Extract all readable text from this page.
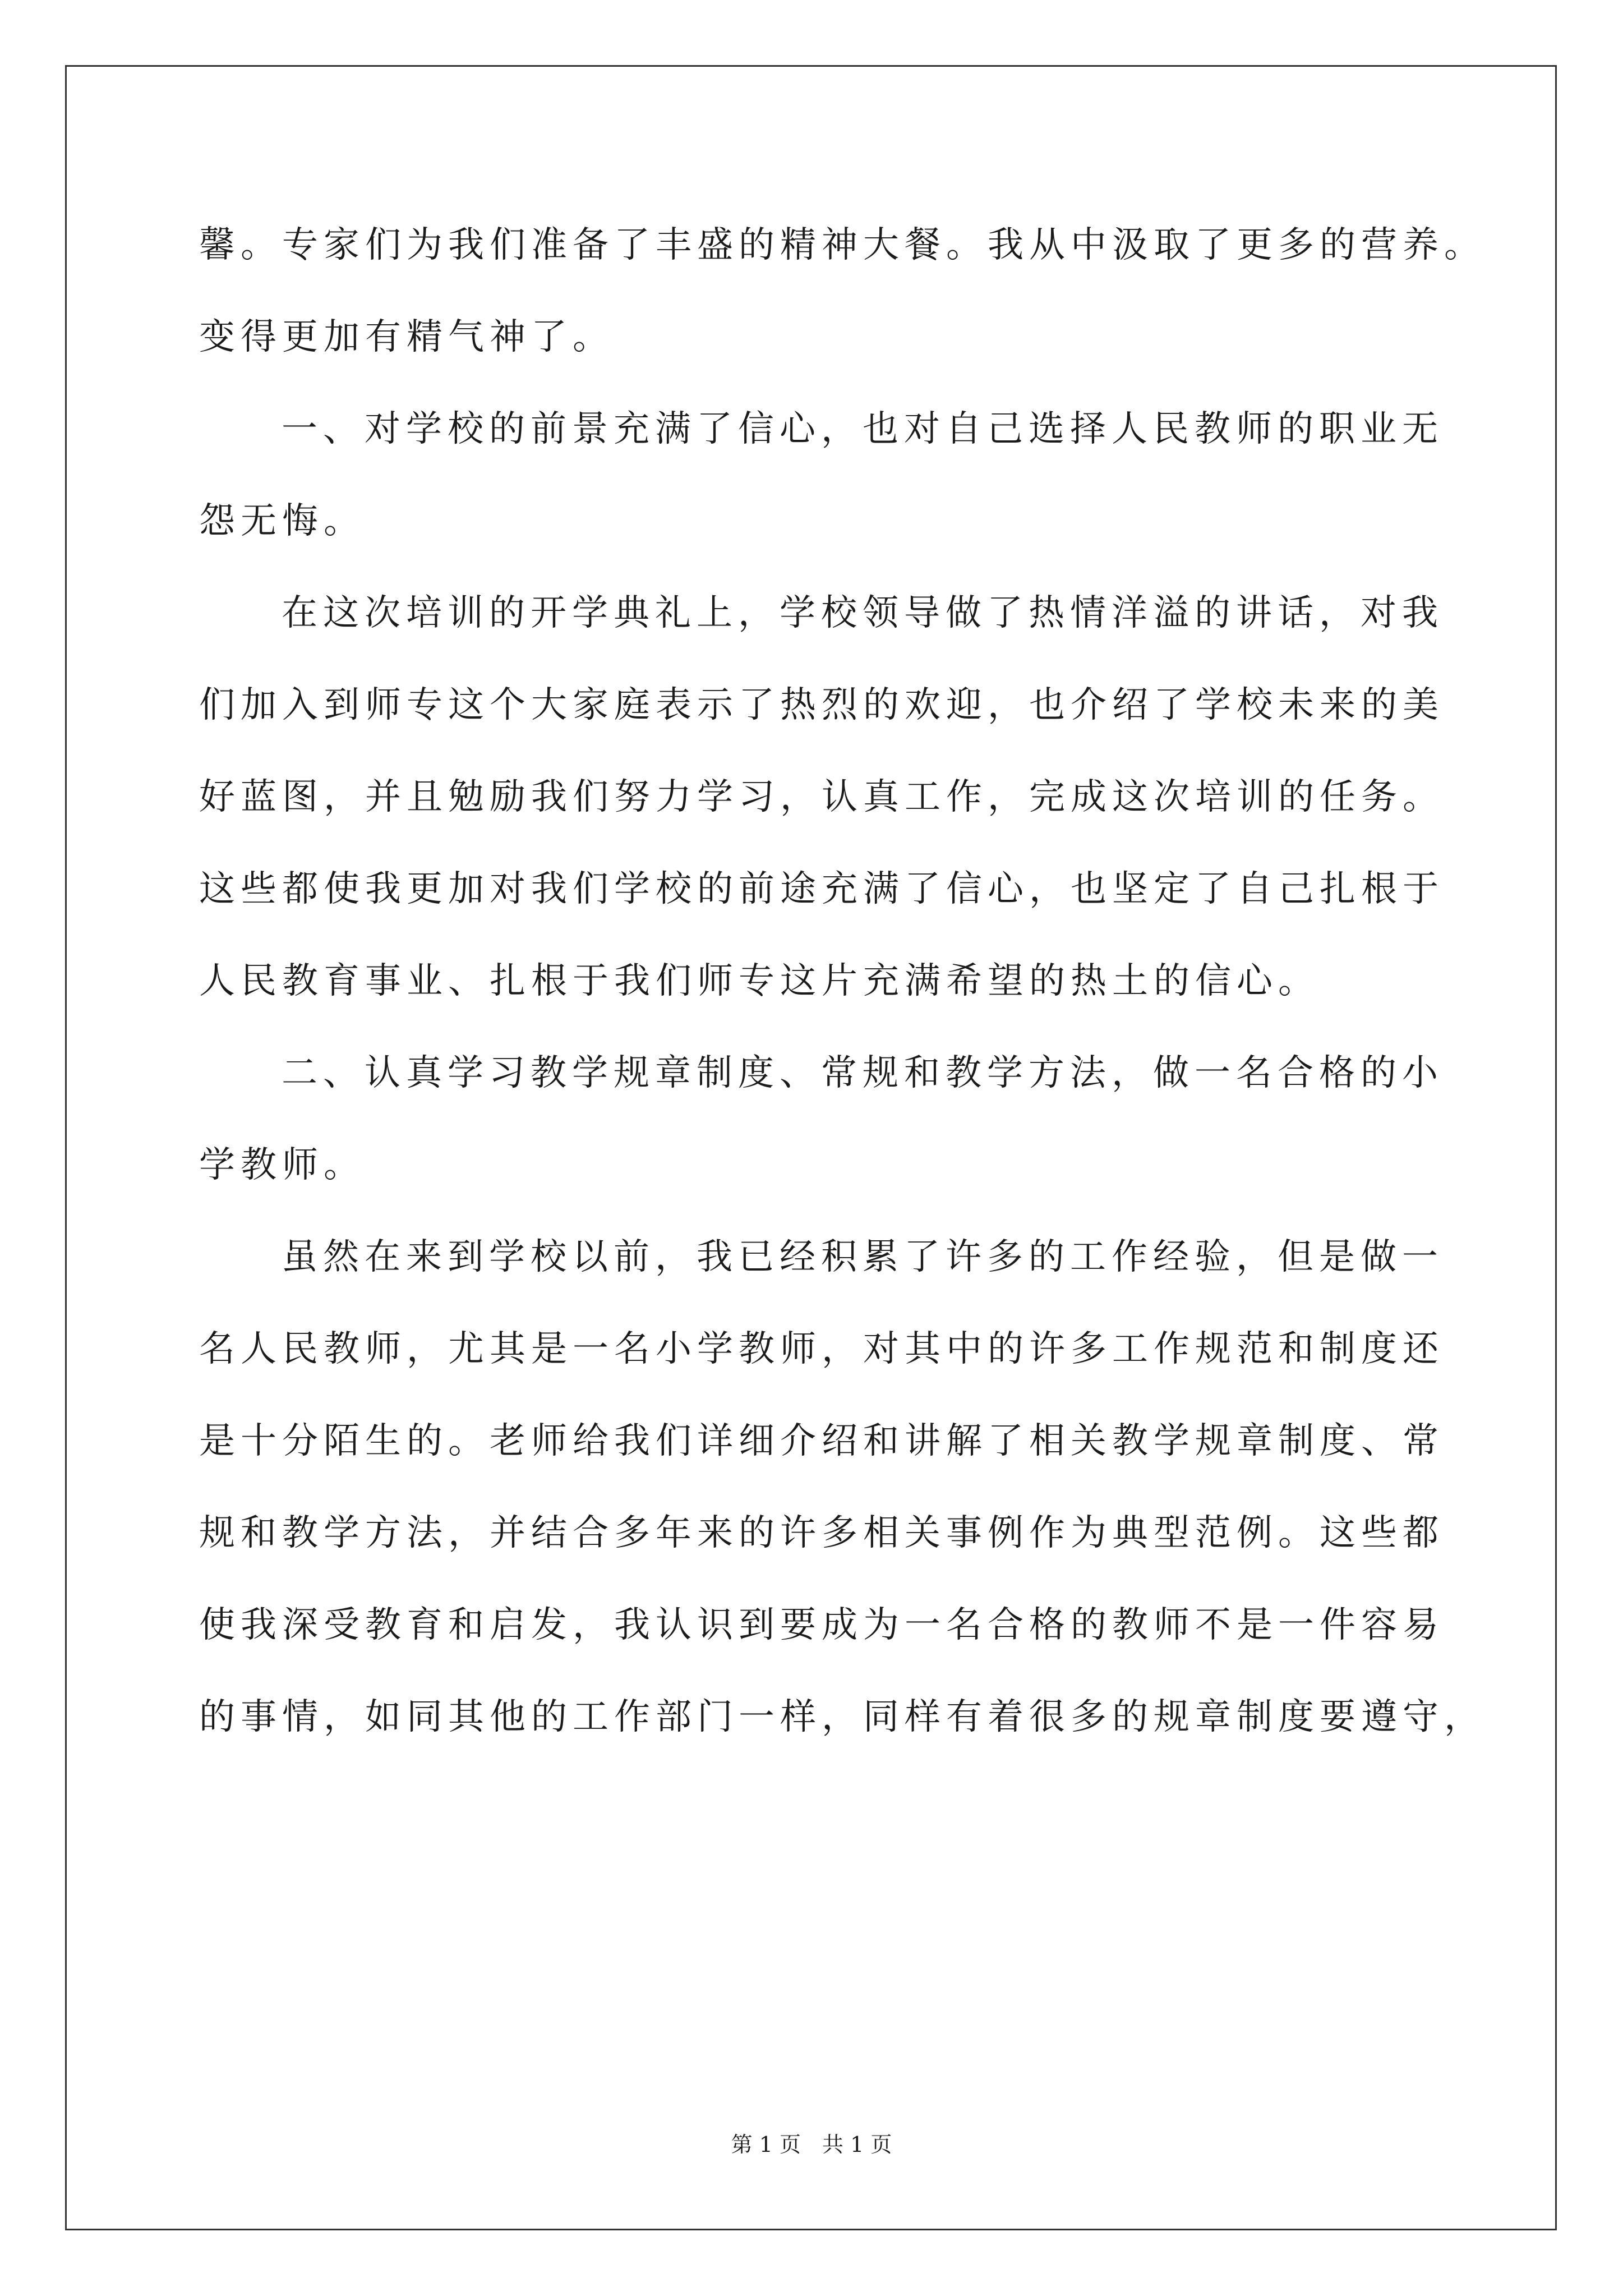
馨。专家们为我们准备了丰盛的精神大餐。我从中汲取了更多的营养。
变得更加有精气神了。
一、对学校的前景充满了信心，也对自己选择人民教师的职业无
怨无悔。
在这次培训的开学典礼上，学校领导做了热情洋溢的讲话，对我
们加入到师专这个大家庭表示了热烈的欢迎，也介绍了学校未来的美
好蓝图，并且勉励我们努力学习，认真工作，完成这次培训的任务。
这些都使我更加对我们学校的前途充满了信心，也坚定了自己扎根于
人民教育事业、扎根于我们师专这片充满希望的热土的信心。
二、认真学习教学规章制度、常规和教学方法，做一名合格的小
学教师。
虽然在来到学校以前，我已经积累了许多的工作经验，但是做一
名人民教师，尤其是一名小学教师，对其中的许多工作规范和制度还
是十分陌生的。老师给我们详细介绍和讲解了相关教学规章制度、常
规和教学方法，并结合多年来的许多相关事例作为典型范例。这些都
使我深受教育和启发，我认识到要成为一名合格的教师不是一件容易
的事情，如同其他的工作部门一样，同样有着很多的规章制度要遵守，
第 1 页　共 1 页
